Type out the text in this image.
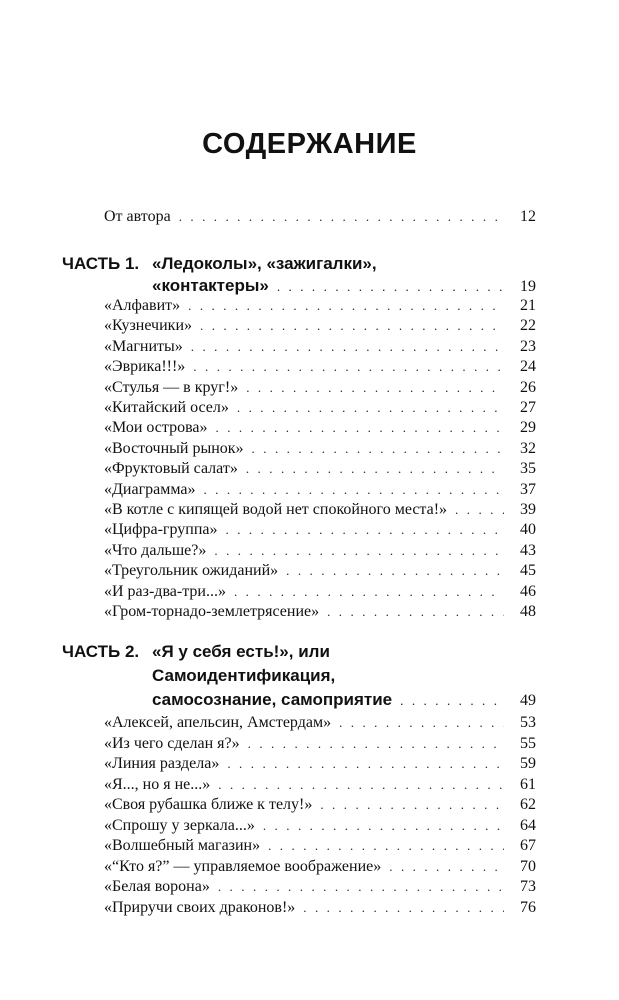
СОДЕРЖАНИЕ
От автора . . .	12
ЧАСТЬ 1. «Ледоколы», «зажигалки»,
«контактеры» . . .	19
«Алфавит» . . .	21
«Кузнечики» . . .	22
«Магниты» . . .	23
«Эврика!!!» . . .	24
«Стулья — в круг!» . . .	26
«Китайский осел» . . .	27
«Мои острова» . . .	29
«Восточный рынок» . . .	32
«Фруктовый салат» . . .	35
«Диаграмма» . . .	37
«В котле с кипящей водой нет спокойного места!» . . .	39
«Цифра-группа» . . .	40
«Что дальше?» . . .	43
«Треугольник ожиданий» . . .	45
«И раз-два-три...» . . .	46
«Гром-торнадо-землетрясение» . . .	48
ЧАСТЬ 2. «Я у себя есть!», или
Самоидентификация,
самосознание, самоприятие . . .	49
«Алексей, апельсин, Амстердам» . . .	53
«Из чего сделан я?» . . .	55
«Линия раздела» . . .	59
«Я..., но я не...» . . .	61
«Своя рубашка ближе к телу!» . . .	62
«Спрошу у зеркала...» . . .	64
«Волшебный магазин» . . .	67
«“Кто я?” — управляемое воображение» . . .	70
«Белая ворона» . . .	73
«Приручи своих драконов!» . . .	76
